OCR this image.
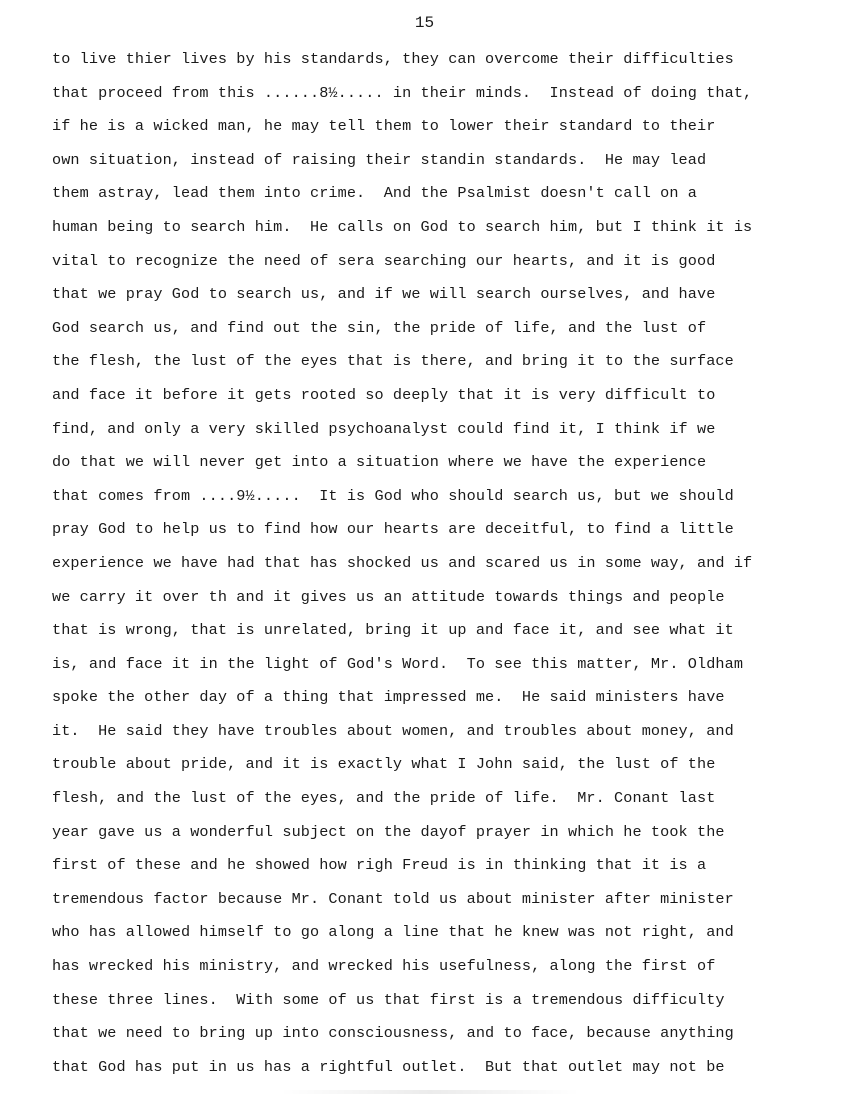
15
to live thier lives by his standards, they can overcome their difficulties
that proceed from this ......8½..... in their minds.  Instead of doing that,
if he is a wicked man, he may tell them to lower their standard to their
own situation, instead of raising their standin standards.  He may lead
them astray, lead them into crime.  And the Psalmist doesn't call on a
human being to search him.  He calls on God to search him, but I think it is
vital to recognize the need of sera searching our hearts, and it is good
that we pray God to search us, and if we will search ourselves, and have
God search us, and find out the sin, the pride of life, and the lust of
the flesh, the lust of the eyes that is there, and bring it to the surface
and face it before it gets rooted so deeply that it is very difficult to
find, and only a very skilled psychoanalyst could find it, I think if we
do that we will never get into a situation where we have the experience
that comes from ....9½.....  It is God who should search us, but we should
pray God to help us to find how our hearts are deceitful, to find a little
experience we have had that has shocked us and scared us in some way, and if
we carry it over th and it gives us an attitude towards things and people
that is wrong, that is unrelated, bring it up and face it, and see what it
is, and face it in the light of God's Word.  To see this matter, Mr. Oldham
spoke the other day of a thing that impressed me.  He said ministers have
it.  He said they have troubles about women, and troubles about money, and
trouble about pride, and it is exactly what I John said, the lust of the
flesh, and the lust of the eyes, and the pride of life.  Mr. Conant last
year gave us a wonderful subject on the dayof prayer in which he took the
first of these and he showed how righ Freud is in thinking that it is a
tremendous factor because Mr. Conant told us about minister after minister
who has allowed himself to go along a line that he knew was not right, and
has wrecked his ministry, and wrecked his usefulness, along the first of
these three lines.  With some of us that first is a tremendous difficulty
that we need to bring up into consciousness, and to face, because anything
that God has put in us has a rightful outlet.  But that outlet may not be
